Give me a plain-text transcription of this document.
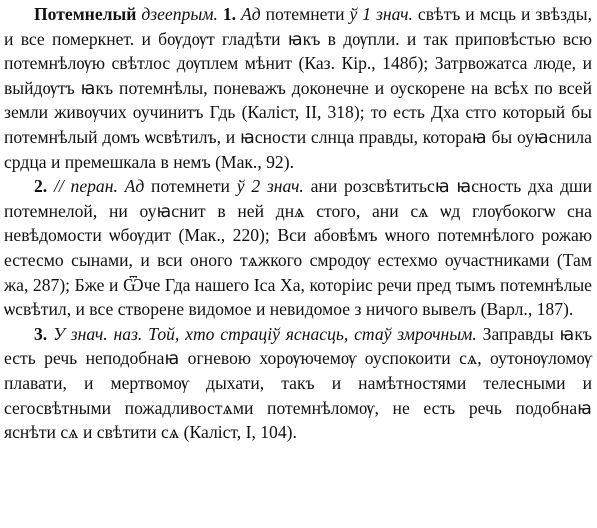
Потемнелый дзеепрым. 1. Ад потемнети ў 1 знач. свѣтъ и мсць и звѣзды, и все померкнет. и бѹдѹт гладѣти ꙗкъ в дѹпли. и так приповѣстью всю потемнѣлѹю свѣтлос дѹплем мѣнит (Каз. Кір., 148б); Затрвожатса люде, и выйдѹтъ ꙗкъ потемнѣлы, поневажъ доконечне и оускорене на всѣх по всей земли живѹчих оучинитъ Гдь (Каліст, II, 318); то есть Дха стго который бы потемнѣлый домъ ѡсвѣтилъ, и ꙗсности слнца правды, котораꙗ бы оуꙗснила срдца и премешкала в немъ (Мак., 92).

2. // перан. Ад потемнети ў 2 знач. ани розсвѣтитьсꙗ ꙗсность дха дши потемнелой, ни оуꙗснит в ней днѧ стого, ани сѧ ѡд глѹбокогѡ сна невѣдомости ѡбѹдит (Мак., 220); Вси абовѣмъ ѡного потемнѣлого рожаю естесмо сынами, и вси оного тѧжкого смродѹ естехмо оучастниками (Там жа, 287); Бже и Ѿче Гда нашего Ιса Ха, которіис речи пред тымъ потемнѣлые ѡсвѣтил, и все створене видомое и невидомое з ничого вывелъ (Варл., 187).

3. У знач. наз. Той, хто страціў яснасць, стаў змрочным. Заправды ꙗкъ есть речь неподобнаꙗ огневою хорѹючемѹ оуспокоити сѧ, оутонѹломѹ плавати, и мертвомѹ дыхати, такъ и намѣтностями телесными и сегосвѣтными пожадливостѧми потемнѣломѹ, не есть речь подобнаꙗ яснѣти сѧ и свѣтити сѧ (Каліст, І, 104).
